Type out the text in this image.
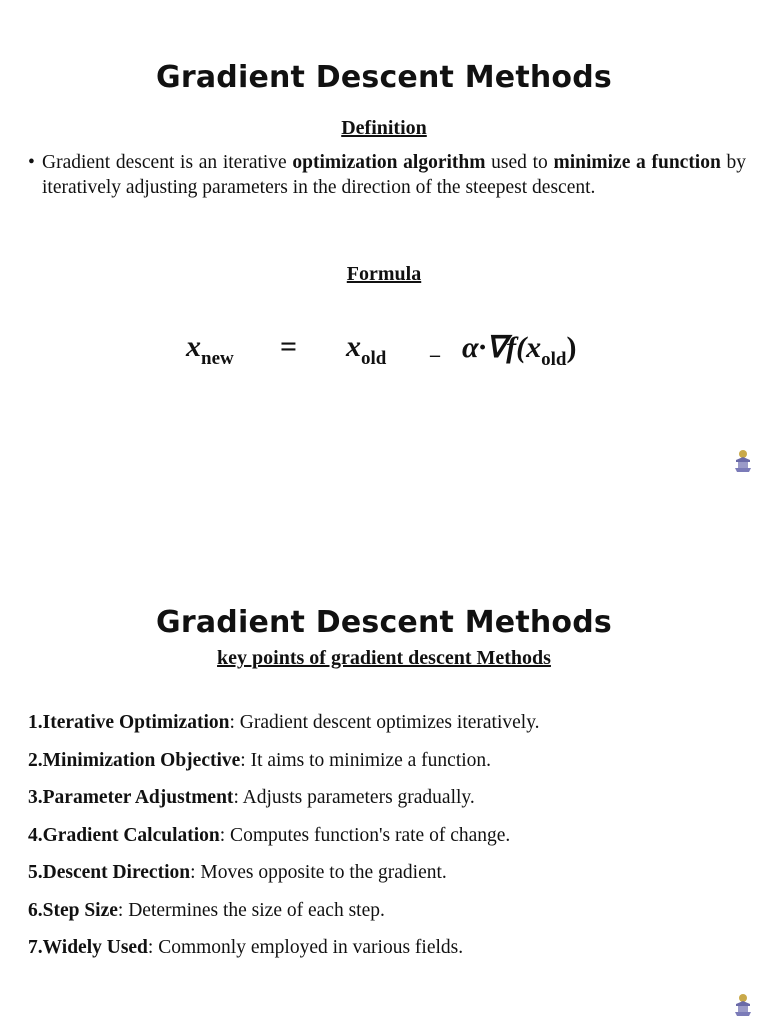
Gradient Descent Methods
Definition
• Gradient descent is an iterative optimization algorithm used to minimize a function by iteratively adjusting parameters in the direction of the steepest descent.
Formula
$x_{new} = x_{old} - \alpha\cdot\nabla f(x_{old})$
Gradient Descent Methods
key points of gradient descent Methods
1.Iterative Optimization: Gradient descent optimizes iteratively.
2.Minimization Objective: It aims to minimize a function.
3.Parameter Adjustment: Adjusts parameters gradually.
4.Gradient Calculation: Computes function's rate of change.
5.Descent Direction: Moves opposite to the gradient.
6.Step Size: Determines the size of each step.
7.Widely Used: Commonly employed in various fields.
